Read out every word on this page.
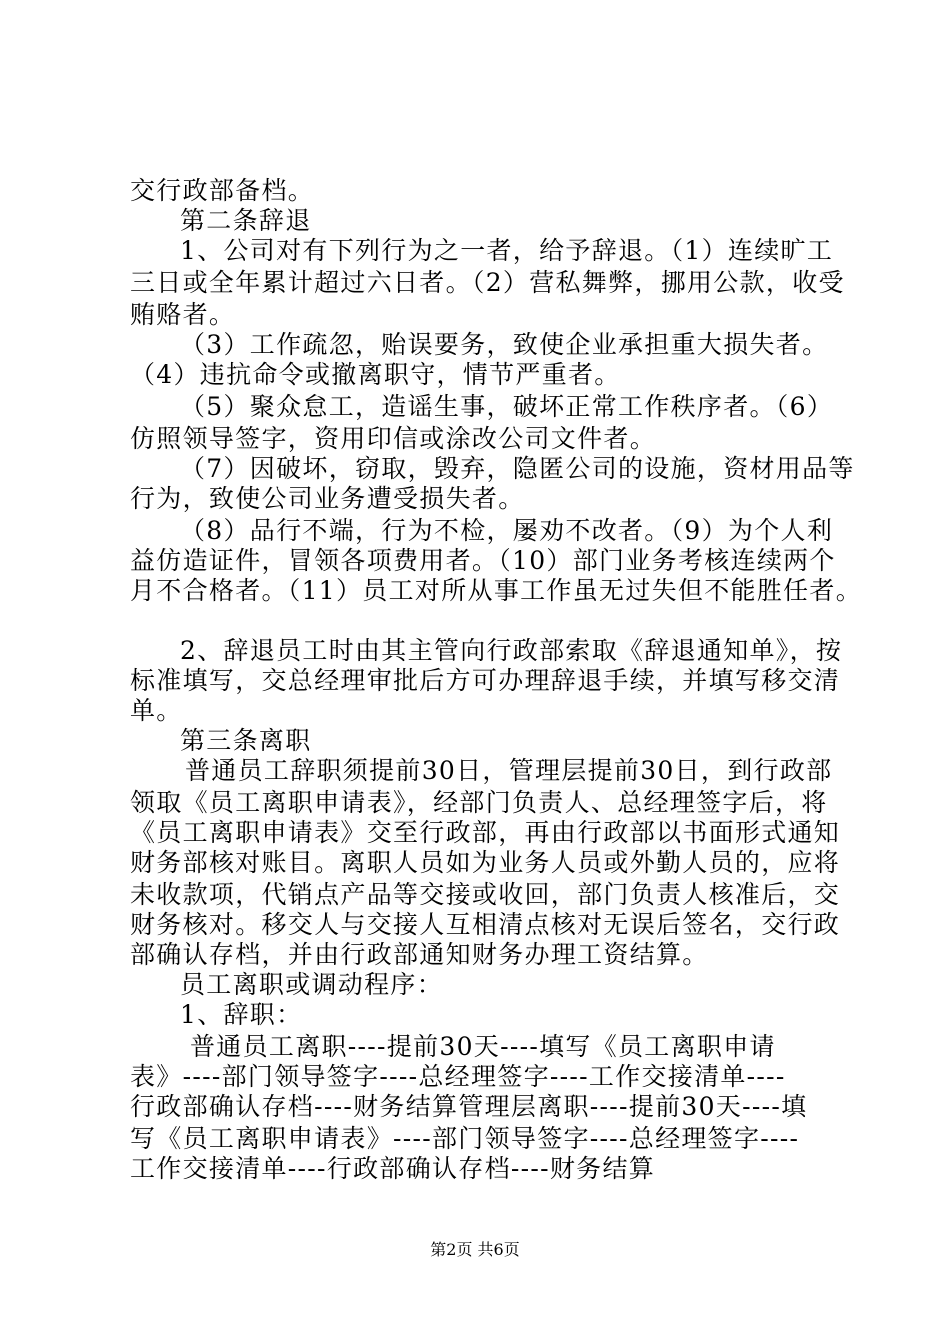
交行政部备档。
第二条辞退
1、公司对有下列行为之一者，给予辞退。（1）连续旷工
三日或全年累计超过六日者。（2）营私舞弊，挪用公款，收受
贿赂者。
（3）工作疏忽，贻误要务，致使企业承担重大损失者。
（4）违抗命令或撤离职守，情节严重者。
（5）聚众怠工，造谣生事，破坏正常工作秩序者。（6）
仿照领导签字，资用印信或涂改公司文件者。
（7）因破坏，窃取，毁弃，隐匿公司的设施，资材用品等
行为，致使公司业务遭受损失者。
（8）品行不端，行为不检，屡劝不改者。（9）为个人利
益仿造证件，冒领各项费用者。（10）部门业务考核连续两个
月不合格者。（11）员工对所从事工作虽无过失但不能胜任者。
2、辞退员工时由其主管向行政部索取《辞退通知单》，按
标准填写，交总经理审批后方可办理辞退手续，并填写移交清
单。
第三条离职
普通员工辞职须提前30日，管理层提前30日，到行政部
领取《员工离职申请表》，经部门负责人、总经理签字后，将
《员工离职申请表》交至行政部，再由行政部以书面形式通知
财务部核对账目。离职人员如为业务人员或外勤人员的，应将
未收款项，代销点产品等交接或收回，部门负责人核准后，交
财务核对。移交人与交接人互相清点核对无误后签名，交行政
部确认存档，并由行政部通知财务办理工资结算。
员工离职或调动程序：
1、辞职：
普通员工离职----提前30天----填写《员工离职申请
表》----部门领导签字----总经理签字----工作交接清单----
行政部确认存档----财务结算管理层离职----提前30天----填
写《员工离职申请表》----部门领导签字----总经理签字----
工作交接清单----行政部确认存档----财务结算
第2页 共6页
